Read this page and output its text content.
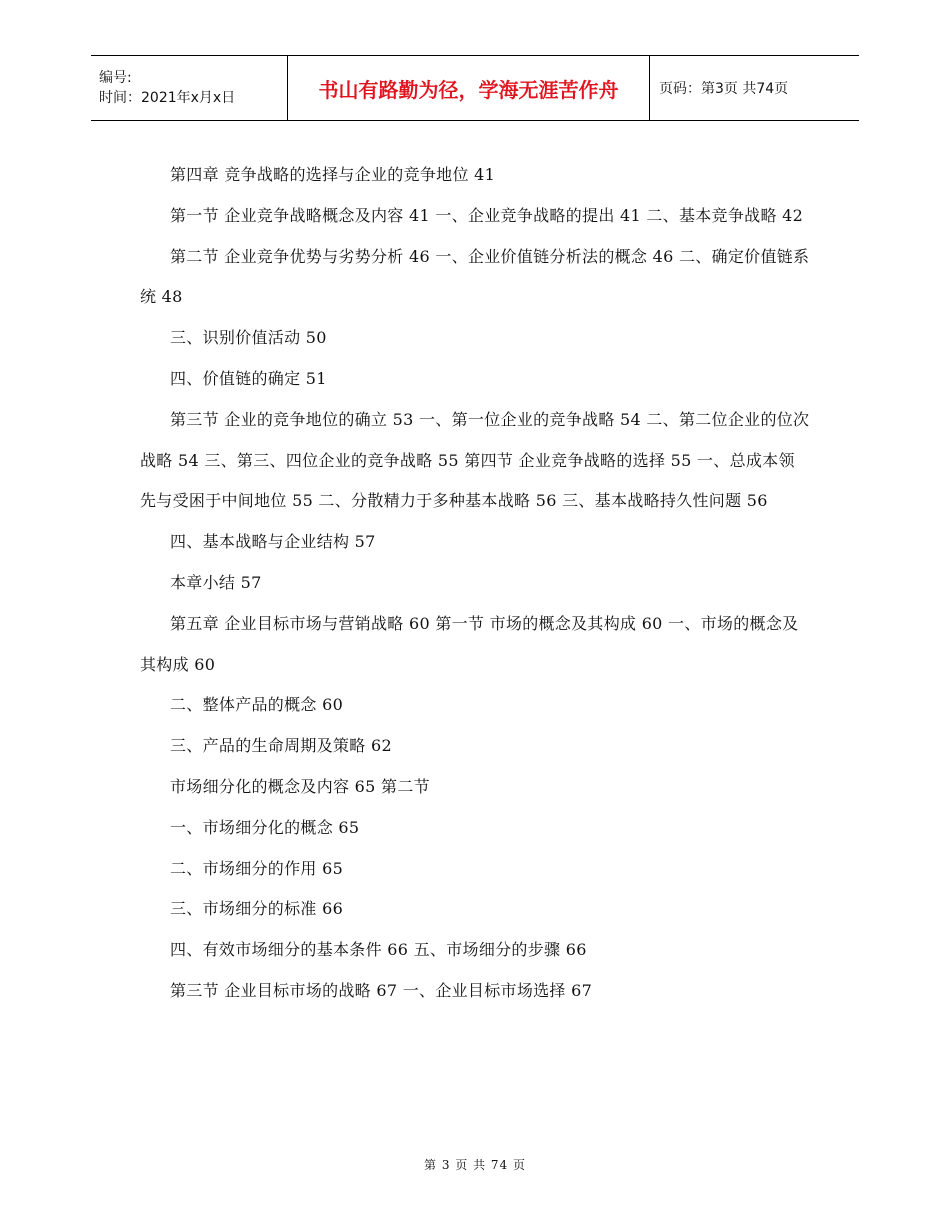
编号:
时间：2021年x月x日	书山有路勤为径，学海无涯苦作舟	页码：第3页 共74页

第四章 竞争战略的选择与企业的竞争地位 41

第一节 企业竞争战略概念及内容 41 一、企业竞争战略的提出 41 二、基本竞争战略 42

第二节 企业竞争优势与劣势分析 46 一、企业价值链分析法的概念 46 二、确定价值链系统 48

三、识别价值活动 50

四、价值链的确定 51

第三节 企业的竞争地位的确立 53 一、第一位企业的竞争战略 54 二、第二位企业的位次战略 54 三、第三、四位企业的竞争战略 55 第四节 企业竞争战略的选择 55 一、总成本领先与受困于中间地位 55 二、分散精力于多种基本战略 56 三、基本战略持久性问题 56

四、基本战略与企业结构 57

本章小结 57

第五章 企业目标市场与营销战略 60 第一节 市场的概念及其构成 60 一、市场的概念及其构成 60

二、整体产品的概念 60

三、产品的生命周期及策略 62

市场细分化的概念及内容 65 第二节

一、市场细分化的概念 65

二、市场细分的作用 65

三、市场细分的标准 66

四、有效市场细分的基本条件 66 五、市场细分的步骤 66

第三节 企业目标市场的战略 67 一、企业目标市场选择 67

第 3 页 共 74 页
